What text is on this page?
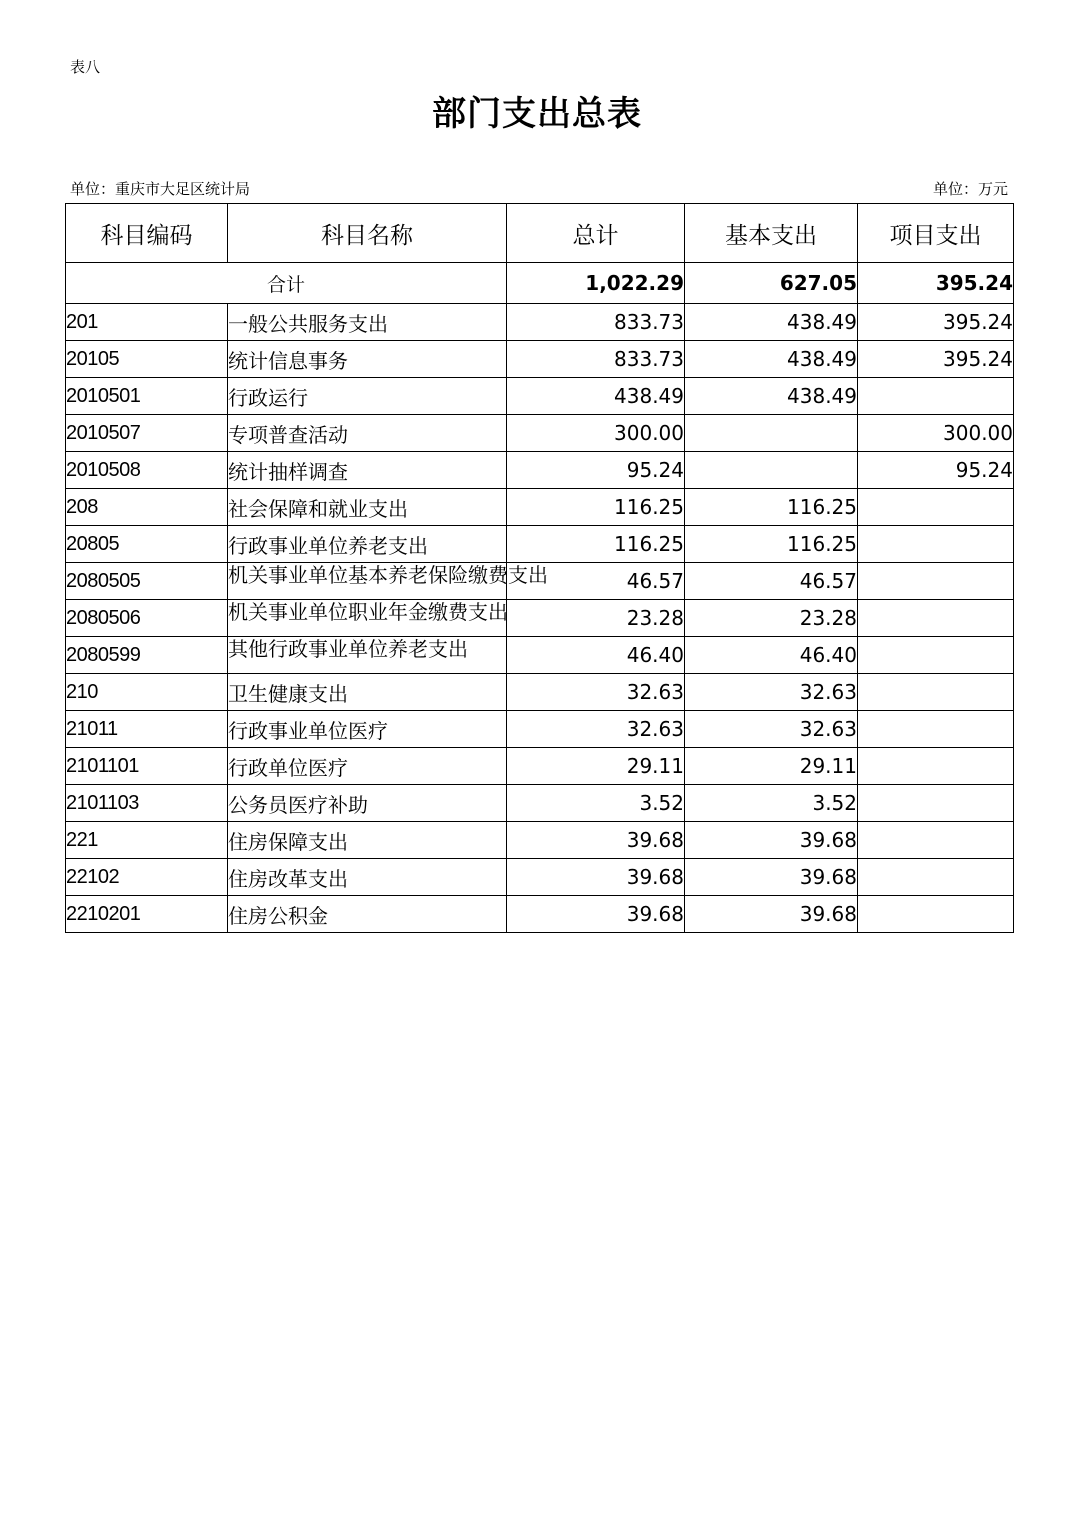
表八
部门支出总表
单位：重庆市大足区统计局	单位：万元
科目编码	科目名称	总计	基本支出	项目支出
合计		1,022.29	627.05	395.24
201	一般公共服务支出	833.73	438.49	395.24
20105	统计信息事务	833.73	438.49	395.24
2010501	行政运行	438.49	438.49	
2010507	专项普查活动	300.00		300.00
2010508	统计抽样调查	95.24		95.24
208	社会保障和就业支出	116.25	116.25	
20805	行政事业单位养老支出	116.25	116.25	
2080505	机关事业单位基本养老保险缴费支出	46.57	46.57	
2080506	机关事业单位职业年金缴费支出	23.28	23.28	
2080599	其他行政事业单位养老支出	46.40	46.40	
210	卫生健康支出	32.63	32.63	
21011	行政事业单位医疗	32.63	32.63	
2101101	行政单位医疗	29.11	29.11	
2101103	公务员医疗补助	3.52	3.52	
221	住房保障支出	39.68	39.68	
22102	住房改革支出	39.68	39.68	
2210201	住房公积金	39.68	39.68	
